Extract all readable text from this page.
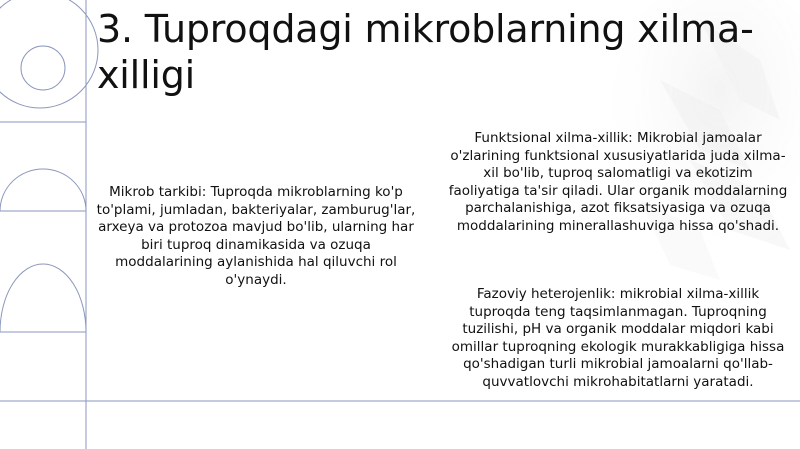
3. Tuproqdagi mikroblarning xilma-xilligi

Mikrob tarkibi: Tuproqda mikroblarning ko'p to'plami, jumladan, bakteriyalar, zamburug'lar, arxeya va protozoa mavjud bo'lib, ularning har biri tuproq dinamikasida va ozuqa moddalarining aylanishida hal qiluvchi rol o'ynaydi.

Funktsional xilma-xillik: Mikrobial jamoalar o'zlarining funktsional xususiyatlarida juda xilma-xil bo'lib, tuproq salomatligi va ekotizim faoliyatiga ta'sir qiladi. Ular organik moddalarning parchalanishiga, azot fiksatsiyasiga va ozuqa moddalarining minerallashuviga hissa qo'shadi.

Fazoviy heterojenlik: mikrobial xilma-xillik tuproqda teng taqsimlanmagan. Tuproqning tuzilishi, pH va organik moddalar miqdori kabi omillar tuproqning ekologik murakkabligiga hissa qo'shadigan turli mikrobial jamoalarni qo'llab-quvvatlovchi mikrohabitatlarni yaratadi.
